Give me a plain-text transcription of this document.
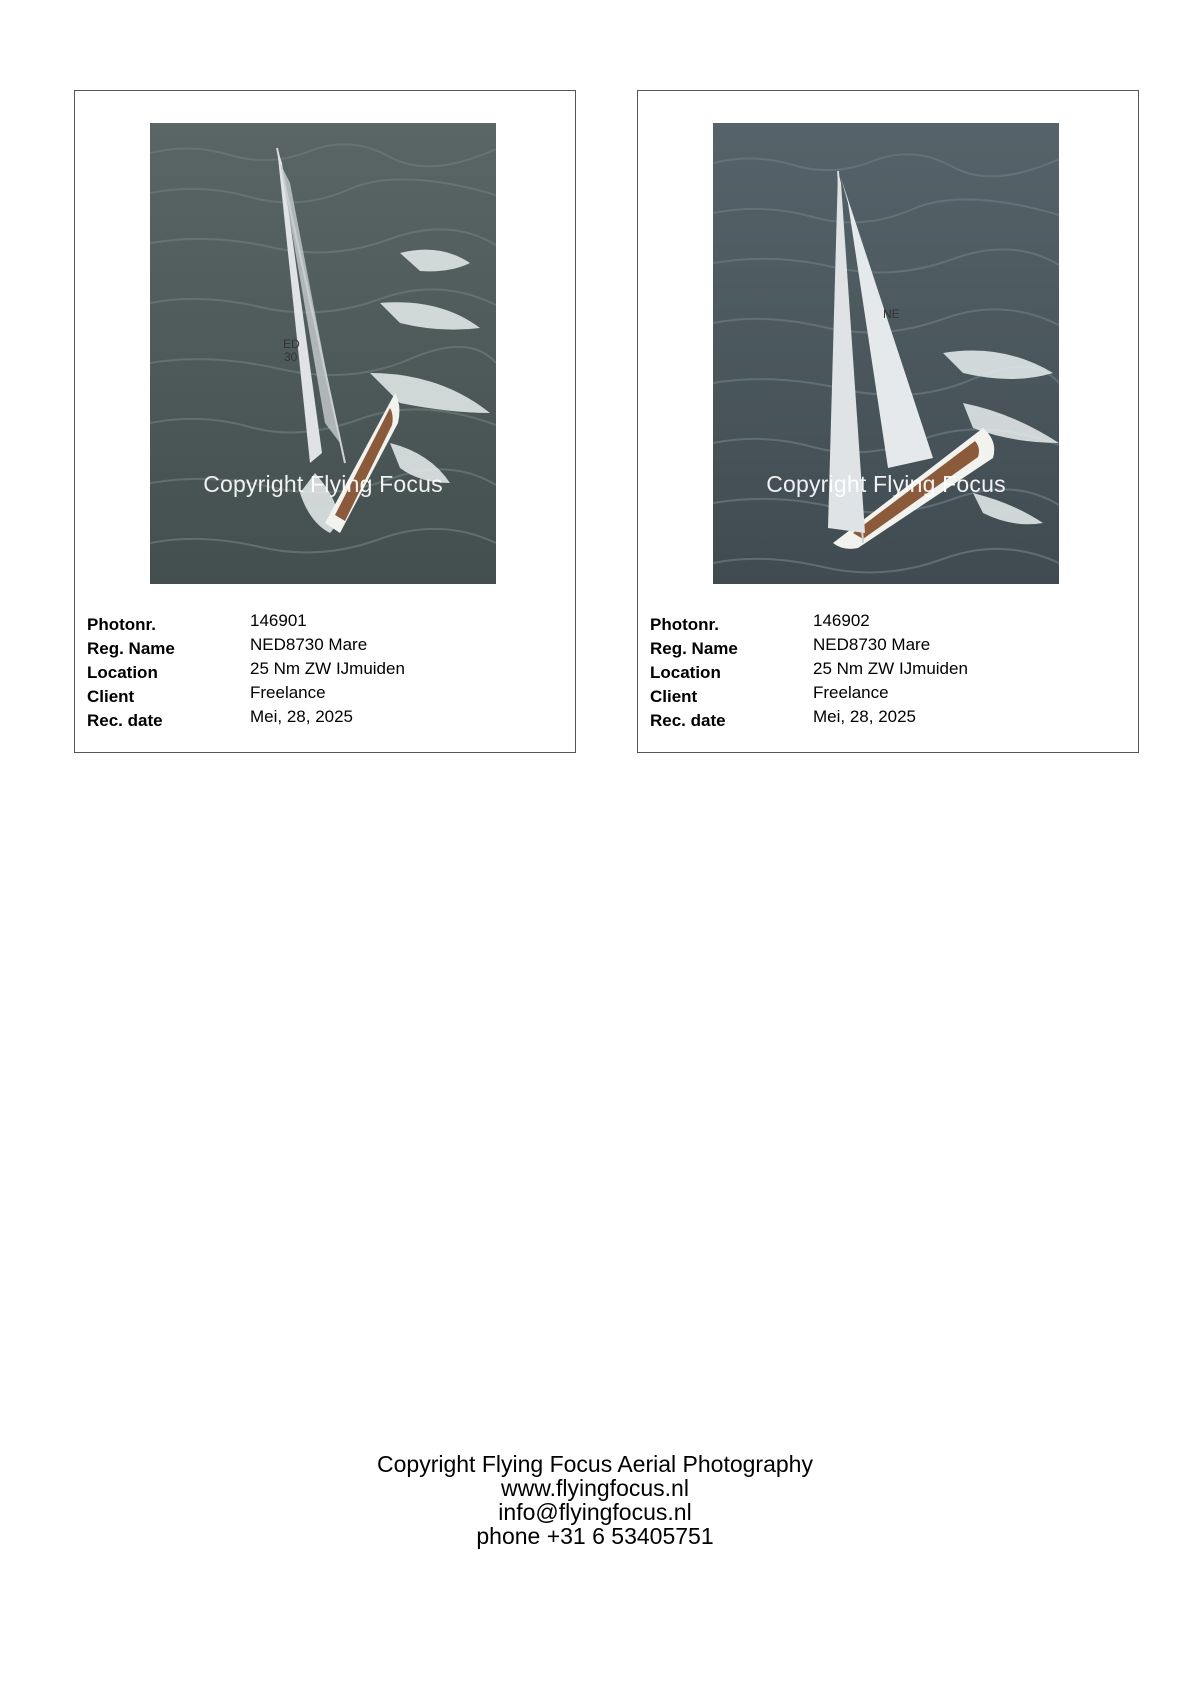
ED
30
Copyright Flying Focus
Photonr.	146901
Reg. Name	NED8730 Mare
Location	25 Nm ZW IJmuiden
Client	Freelance
Rec. date	Mei, 28, 2025
NE
Copyright Flying Focus
Photonr.	146902
Reg. Name	NED8730 Mare
Location	25 Nm ZW IJmuiden
Client	Freelance
Rec. date	Mei, 28, 2025
Copyright Flying Focus Aerial Photography
www.flyingfocus.nl
info@flyingfocus.nl
phone +31 6 53405751
